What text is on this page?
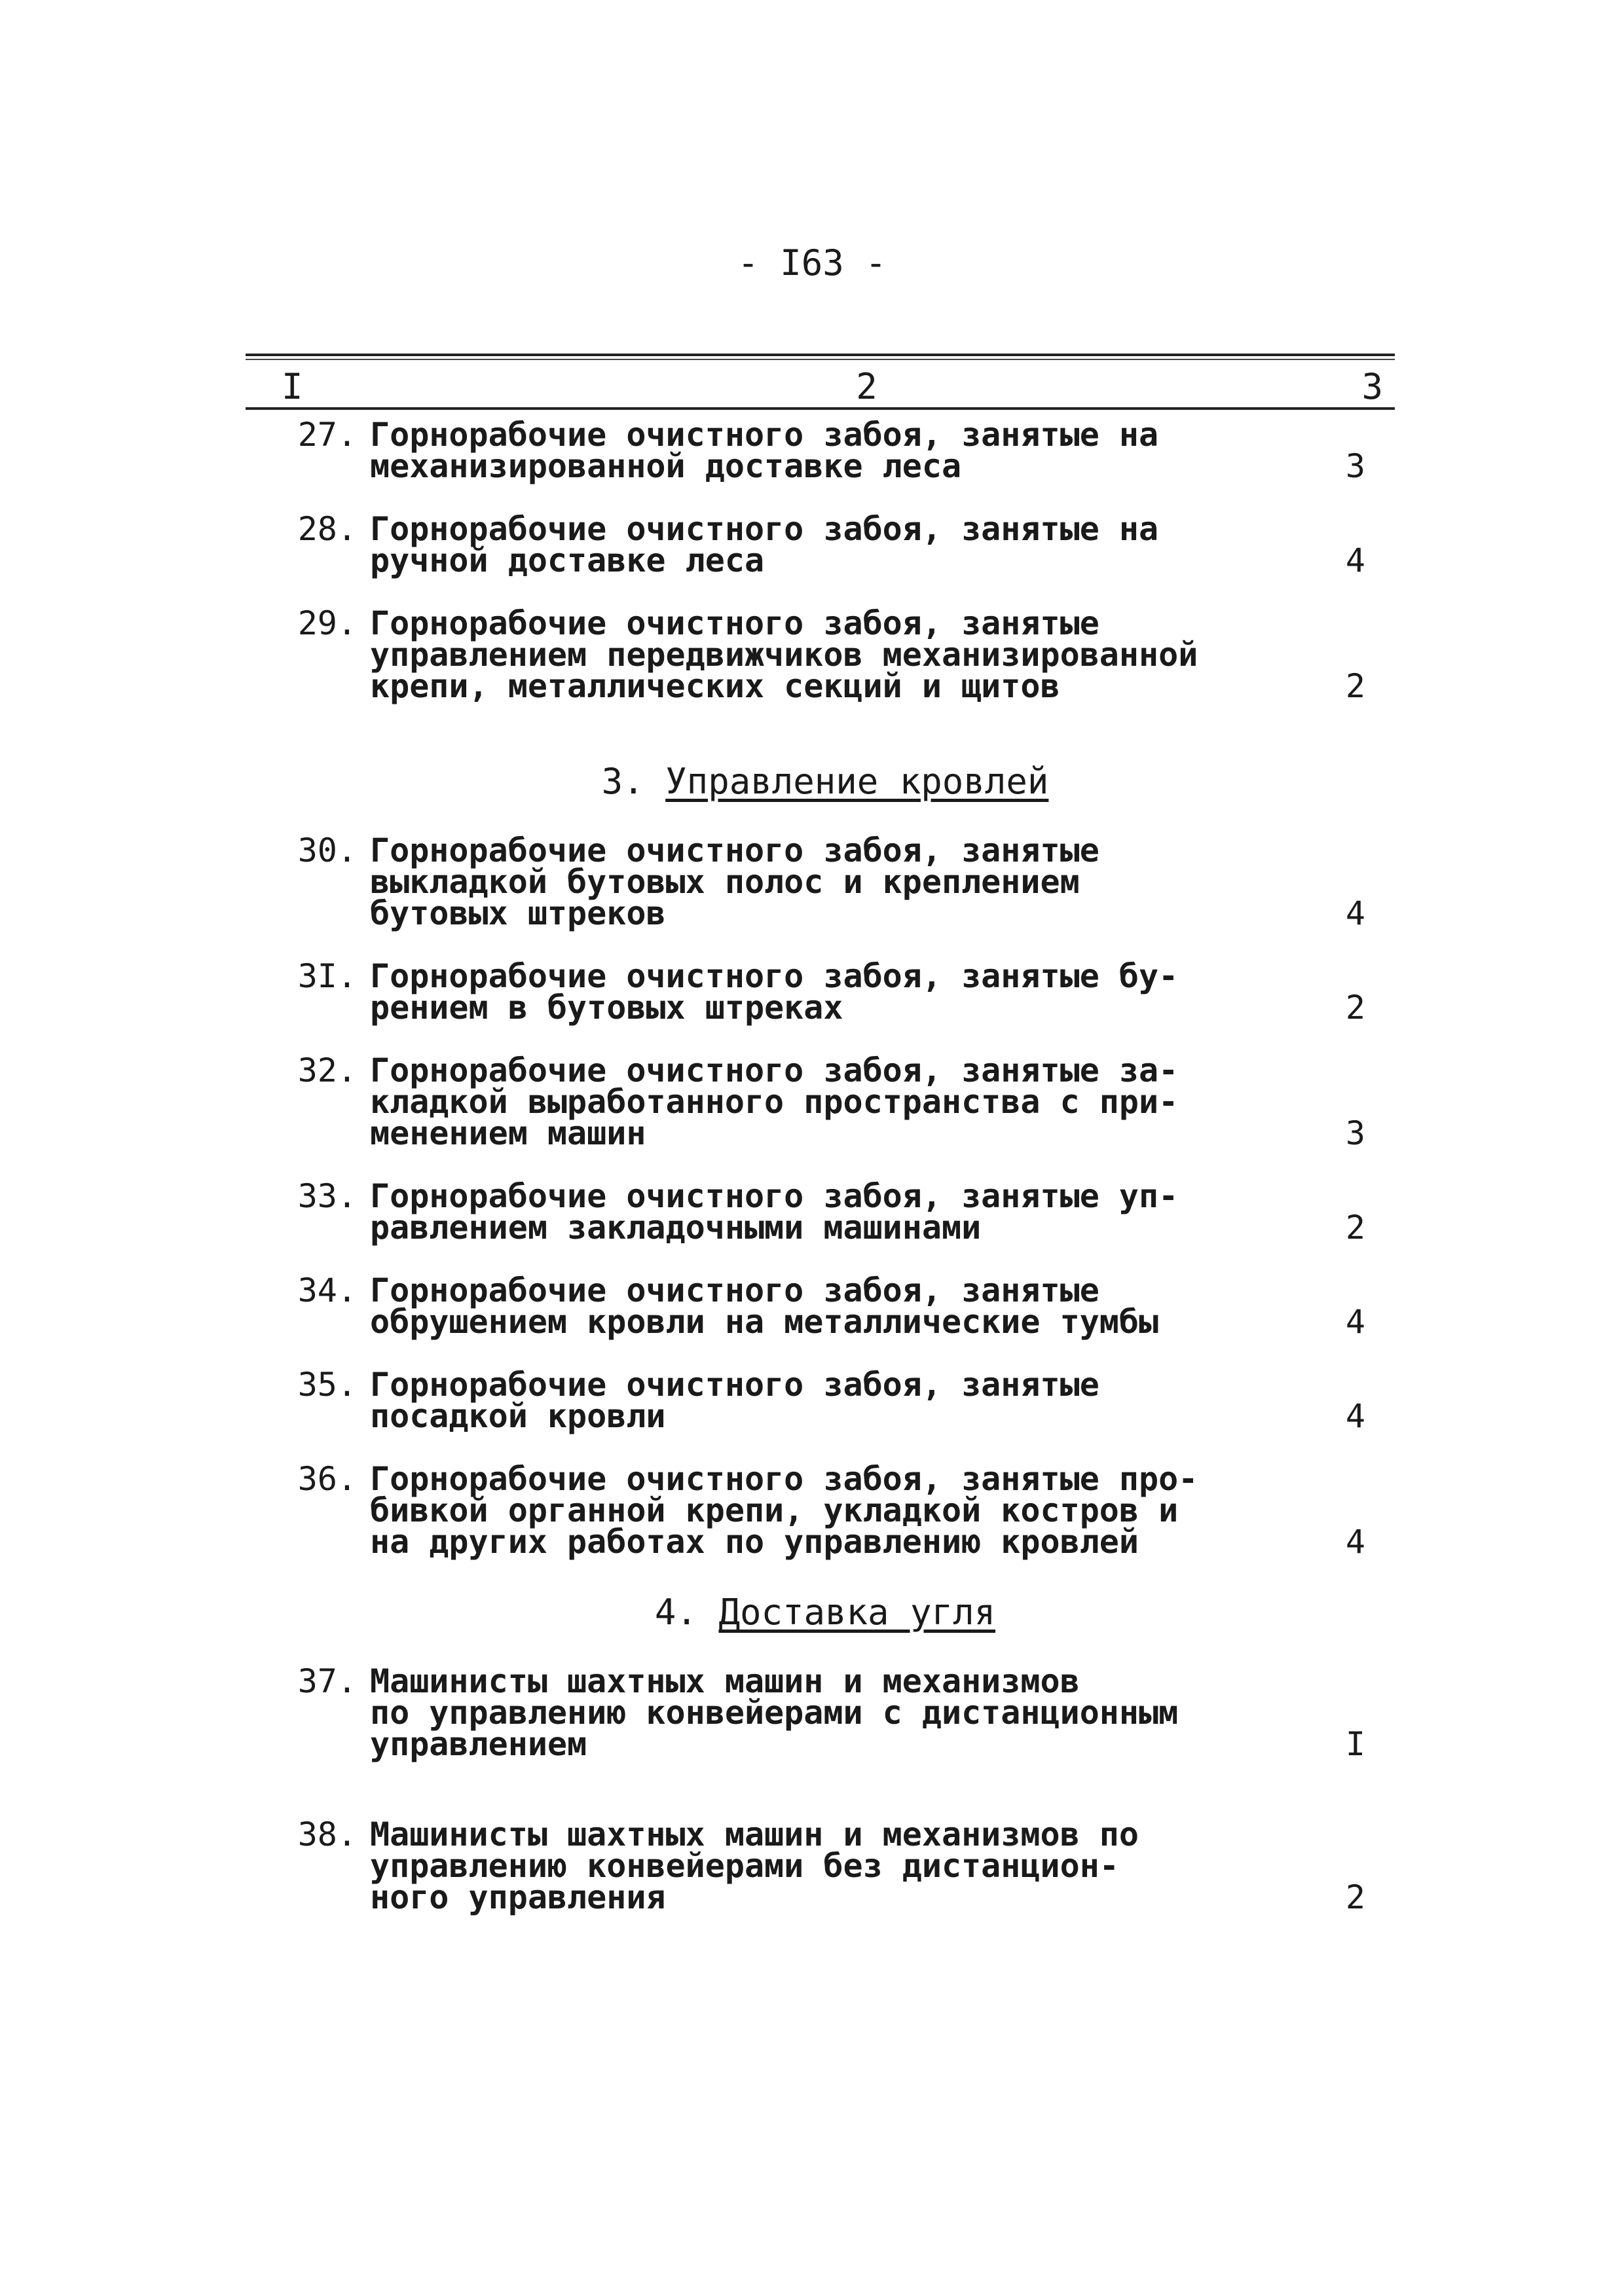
- I63 -
I	2	3
27. Горнорабочие очистного забоя, занятые на
механизированной доставке леса	3
28. Горнорабочие очистного забоя, занятые на
ручной доставке леса	4
29. Горнорабочие очистного забоя, занятые
управлением передвижчиков механизированной
крепи, металлических секций и щитов	2
3. Управление кровлей
30. Горнорабочие очистного забоя, занятые
выкладкой бутовых полос и креплением
бутовых штреков	4
3I. Горнорабочие очистного забоя, занятые бу-
рением в бутовых штреках	2
32. Горнорабочие очистного забоя, занятые за-
кладкой выработанного пространства с при-
менением машин	3
33. Горнорабочие очистного забоя, занятые уп-
равлением закладочными машинами	2
34. Горнорабочие очистного забоя, занятые
обрушением кровли на металлические тумбы	4
35. Горнорабочие очистного забоя, занятые
посадкой кровли	4
36. Горнорабочие очистного забоя, занятые про-
бивкой органной крепи, укладкой костров и
на других работах по управлению кровлей	4
4. Доставка угля
37. Машинисты шахтных машин и механизмов
по управлению конвейерами с дистанционным
управлением	I
38. Машинисты шахтных машин и механизмов по
управлению конвейерами без дистанцион-
ного управления	2
